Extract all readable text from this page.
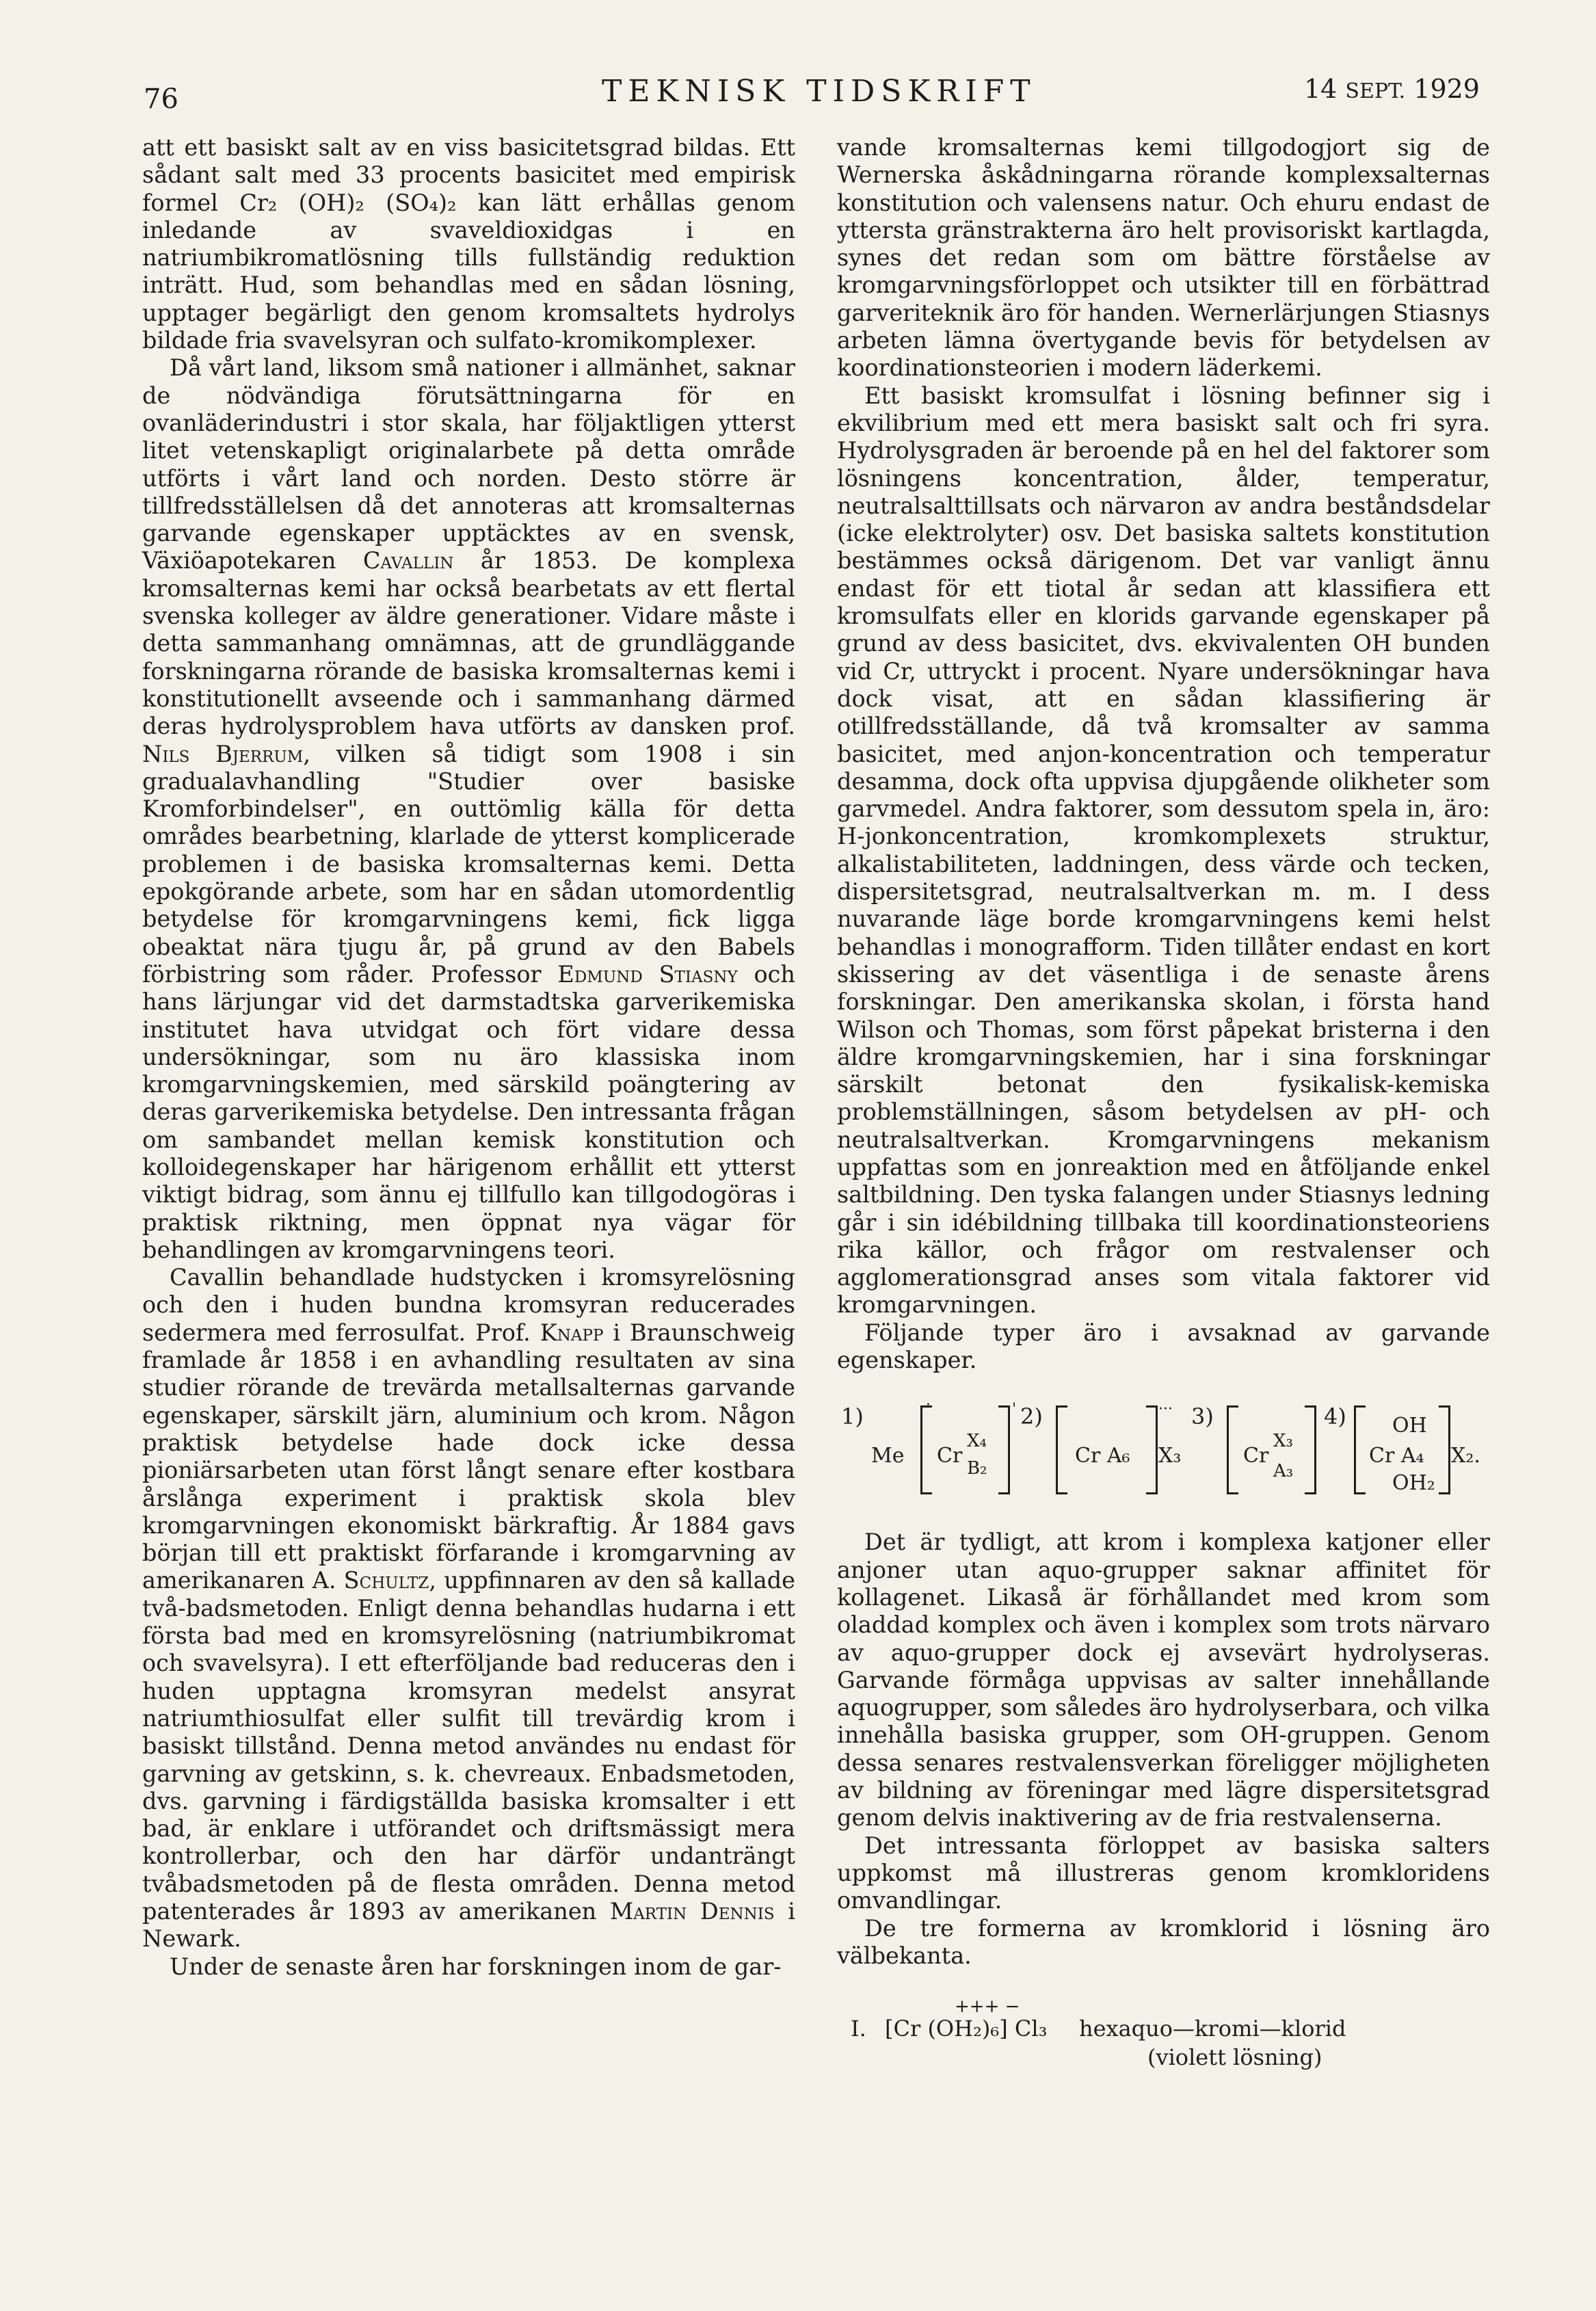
76	TEKNISK TIDSKRIFT	14 SEPT. 1929

att ett basiskt salt av en viss basicitetsgrad bildas. Ett sådant salt med 33 procents basicitet med empirisk formel Cr₂ (OH)₂ (SO₄)₂ kan lätt erhållas genom inledande av svaveldioxidgas i en natriumbikromatlösning tills fullständig reduktion inträtt. Hud, som behandlas med en sådan lösning, upptager begärligt den genom kromsaltets hydrolys bildade fria svavelsyran och sulfato-kromikomplexer.

Då vårt land, liksom små nationer i allmänhet, saknar de nödvändiga förutsättningarna för en ovanläderindustri i stor skala, har följaktligen ytterst litet vetenskapligt originalarbete på detta område utförts i vårt land och norden. Desto större är tillfredsställelsen då det annoteras att kromsalternas garvande egenskaper upptäcktes av en svensk, Växiöapotekaren Cavallin år 1853. De komplexa kromsalternas kemi har också bearbetats av ett flertal svenska kolleger av äldre generationer. Vidare måste i detta sammanhang omnämnas, att de grundläggande forskningarna rörande de basiska kromsalternas kemi i konstitutionellt avseende och i sammanhang därmed deras hydrolysproblem hava utförts av dansken prof. Nils Bjerrum, vilken så tidigt som 1908 i sin gradualavhandling "Studier over basiske Kromforbindelser", en outtömlig källa för detta områdes bearbetning, klarlade de ytterst komplicerade problemen i de basiska kromsalternas kemi. Detta epokgörande arbete, som har en sådan utomordentlig betydelse för kromgarvningens kemi, fick ligga obeaktat nära tjugu år, på grund av den Babels förbistring som råder. Professor Edmund Stiasny och hans lärjungar vid det darmstadtska garverikemiska institutet hava utvidgat och fört vidare dessa undersökningar, som nu äro klassiska inom kromgarvningskemien, med särskild poängtering av deras garverikemiska betydelse. Den intressanta frågan om sambandet mellan kemisk konstitution och kolloidegenskaper har härigenom erhållit ett ytterst viktigt bidrag, som ännu ej tillfullo kan tillgodogöras i praktisk riktning, men öppnat nya vägar för behandlingen av kromgarvningens teori.

Cavallin behandlade hudstycken i kromsyrelösning och den i huden bundna kromsyran reducerades sedermera med ferrosulfat. Prof. Knapp i Braunschweig framlade år 1858 i en avhandling resultaten av sina studier rörande de trevärda metallsalternas garvande egenskaper, särskilt järn, aluminium och krom. Någon praktisk betydelse hade dock icke dessa pioniärsarbeten utan först långt senare efter kostbara årslånga experiment i praktisk skola blev kromgarvningen ekonomiskt bärkraftig. År 1884 gavs början till ett praktiskt förfarande i kromgarvning av amerikanaren A. Schultz, uppfinnaren av den så kallade två-badsmetoden. Enligt denna behandlas hudarna i ett första bad med en kromsyrelösning (natriumbikromat och svavelsyra). I ett efterföljande bad reduceras den i huden upptagna kromsyran medelst ansyrat natriumthiosulfat eller sulfit till trevärdig krom i basiskt tillstånd. Denna metod användes nu endast för garvning av getskinn, s. k. chevreaux. Enbadsmetoden, dvs. garvning i färdigställda basiska kromsalter i ett bad, är enklare i utförandet och driftsmässigt mera kontrollerbar, och den har därför undanträngt tvåbadsmetoden på de flesta områden. Denna metod patenterades år 1893 av amerikanen Martin Dennis i Newark.

Under de senaste åren har forskningen inom de gar-

vande kromsalternas kemi tillgodogjort sig de Wernerska åskådningarna rörande komplexsalternas konstitution och valensens natur. Och ehuru endast de yttersta gränstrakterna äro helt provisoriskt kartlagda, synes det redan som om bättre förståelse av kromgarvningsförloppet och utsikter till en förbättrad garveriteknik äro för handen. Wernerlärjungen Stiasnys arbeten lämna övertygande bevis för betydelsen av koordinationsteorien i modern läderkemi.

Ett basiskt kromsulfat i lösning befinner sig i ekvilibrium med ett mera basiskt salt och fri syra. Hydrolysgraden är beroende på en hel del faktorer som lösningens koncentration, ålder, temperatur, neutralsalttillsats och närvaron av andra beståndsdelar (icke elektrolyter) osv. Det basiska saltets konstitution bestämmes också därigenom. Det var vanligt ännu endast för ett tiotal år sedan att klassifiera ett kromsulfats eller en klorids garvande egenskaper på grund av dess basicitet, dvs. ekvivalenten OH bunden vid Cr, uttryckt i procent. Nyare undersökningar hava dock visat, att en sådan klassifiering är otillfredsställande, då två kromsalter av samma basicitet, med anjon-koncentration och temperatur desamma, dock ofta uppvisa djupgående olikheter som garvmedel. Andra faktorer, som dessutom spela in, äro: H-jonkoncentration, kromkomplexets struktur, alkalistabiliteten, laddningen, dess värde och tecken, dispersitetsgrad, neutralsaltverkan m. m. I dess nuvarande läge borde kromgarvningens kemi helst behandlas i monografform. Tiden tillåter endast en kort skissering av det väsentliga i de senaste årens forskningar. Den amerikanska skolan, i första hand Wilson och Thomas, som först påpekat bristerna i den äldre kromgarvningskemien, har i sina forskningar särskilt betonat den fysikalisk-kemiska problemställningen, såsom betydelsen av pH- och neutralsaltverkan. Kromgarvningens mekanism uppfattas som en jonreaktion med en åtföljande enkel saltbildning. Den tyska falangen under Stiasnys ledning går i sin idébildning tillbaka till koordinationsteoriens rika källor, och frågor om restvalenser och agglomerationsgrad anses som vitala faktorer vid kromgarvningen.

Följande typer äro i avsaknad av garvande egenskaper.

1)
Me
·
Cr
X₄
B₂
' 2)
Cr A₆
···
X₃
3)
Cr
X₃
A₃
4) OH
Cr A₄
OH₂
X₂.

Det är tydligt, att krom i komplexa katjoner eller anjoner utan aquo-grupper saknar affinitet för kollagenet. Likaså är förhållandet med krom som oladdad komplex och även i komplex som trots närvaro av aquo-grupper dock ej avsevärt hydrolyseras. Garvande förmåga uppvisas av salter innehållande aquogrupper, som således äro hydrolyserbara, och vilka innehålla basiska grupper, som OH-gruppen. Genom dessa senares restvalensverkan föreligger möjligheten av bildning av föreningar med lägre dispersitetsgrad genom delvis inaktivering av de fria restvalenserna.

Det intressanta förloppet av basiska salters uppkomst må illustreras genom kromkloridens omvandlingar.

De tre formerna av kromklorid i lösning äro välbekanta.

I. [Cr (OH₂)₆] Cl₃
+++ −
hexaquo—kromi—klorid
(violett lösning)
